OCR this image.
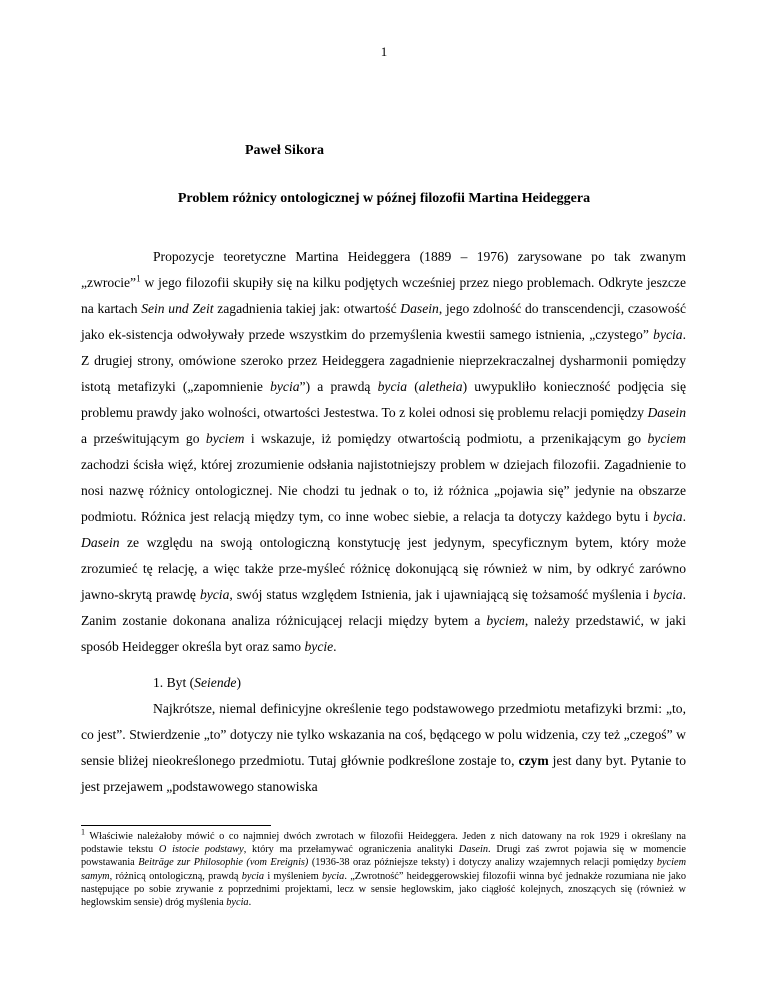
1
Paweł Sikora
Problem różnicy ontologicznej w późnej filozofii Martina Heideggera

Propozycje teoretyczne Martina Heideggera (1889 – 1976) zarysowane po tak zwanym „zwrocie”$^1$ w jego filozofii skupiły się na kilku podjętych wcześniej przez niego problemach. Odkryte jeszcze na kartach Sein und Zeit zagadnienia takiej jak: otwartość Dasein, jego zdolność do transcendencji, czasowość jako ek-sistencja odwoływały przede wszystkim do przemyślenia kwestii samego istnienia, „czystego” bycia. Z drugiej strony, omówione szeroko przez Heideggera zagadnienie nieprzekraczalnej dysharmonii pomiędzy istotą metafizyki („zapomnienie bycia”) a prawdą bycia (aletheia) uwypukliło konieczność podjęcia się problemu prawdy jako wolności, otwartości Jestestwa. To z kolei odnosi się problemu relacji pomiędzy Dasein a prześwitującym go byciem i wskazuje, iż pomiędzy otwartością podmiotu, a przenikającym go byciem zachodzi ścisła więź, której zrozumienie odsłania najistotniejszy problem w dziejach filozofii. Zagadnienie to nosi nazwę różnicy ontologicznej. Nie chodzi tu jednak o to, iż różnica „pojawia się” jedynie na obszarze podmiotu. Różnica jest relacją między tym, co inne wobec siebie, a relacja ta dotyczy każdego bytu i bycia. Dasein ze względu na swoją ontologiczną konstytucję jest jedynym, specyficznym bytem, który może zrozumieć tę relację, a więc także prze-myśleć różnicę dokonującą się również w nim, by odkryć zarówno jawno-skrytą prawdę bycia, swój status względem Istnienia, jak i ujawniającą się tożsamość myślenia i bycia. Zanim zostanie dokonana analiza różnicującej relacji między bytem a byciem, należy przedstawić, w jaki sposób Heidegger określa byt oraz samo bycie.

1. Byt (Seiende)

Najkrótsze, niemal definicyjne określenie tego podstawowego przedmiotu metafizyki brzmi: „to, co jest”. Stwierdzenie „to” dotyczy nie tylko wskazania na coś, będącego w polu widzenia, czy też „czegoś” w sensie bliżej nieokreślonego przedmiotu. Tutaj głównie podkreślone zostaje to, czym jest dany byt. Pytanie to jest przejawem „podstawowego stanowiska

$^1$ Właściwie należałoby mówić o co najmniej dwóch zwrotach w filozofii Heideggera. Jeden z nich datowany na rok 1929 i określany na podstawie tekstu O istocie podstawy, który ma przełamywać ograniczenia analityki Dasein. Drugi zaś zwrot pojawia się w momencie powstawania Beiträge zur Philosophie (vom Ereignis) (1936-38 oraz późniejsze teksty) i dotyczy analizy wzajemnych relacji pomiędzy byciem samym, różnicą ontologiczną, prawdą bycia i myśleniem bycia. „Zwrotność” heideggerowskiej filozofii winna być jednakże rozumiana nie jako następujące po sobie zrywanie z poprzednimi projektami, lecz w sensie heglowskim, jako ciągłość kolejnych, znoszących się (również w heglowskim sensie) dróg myślenia bycia.
